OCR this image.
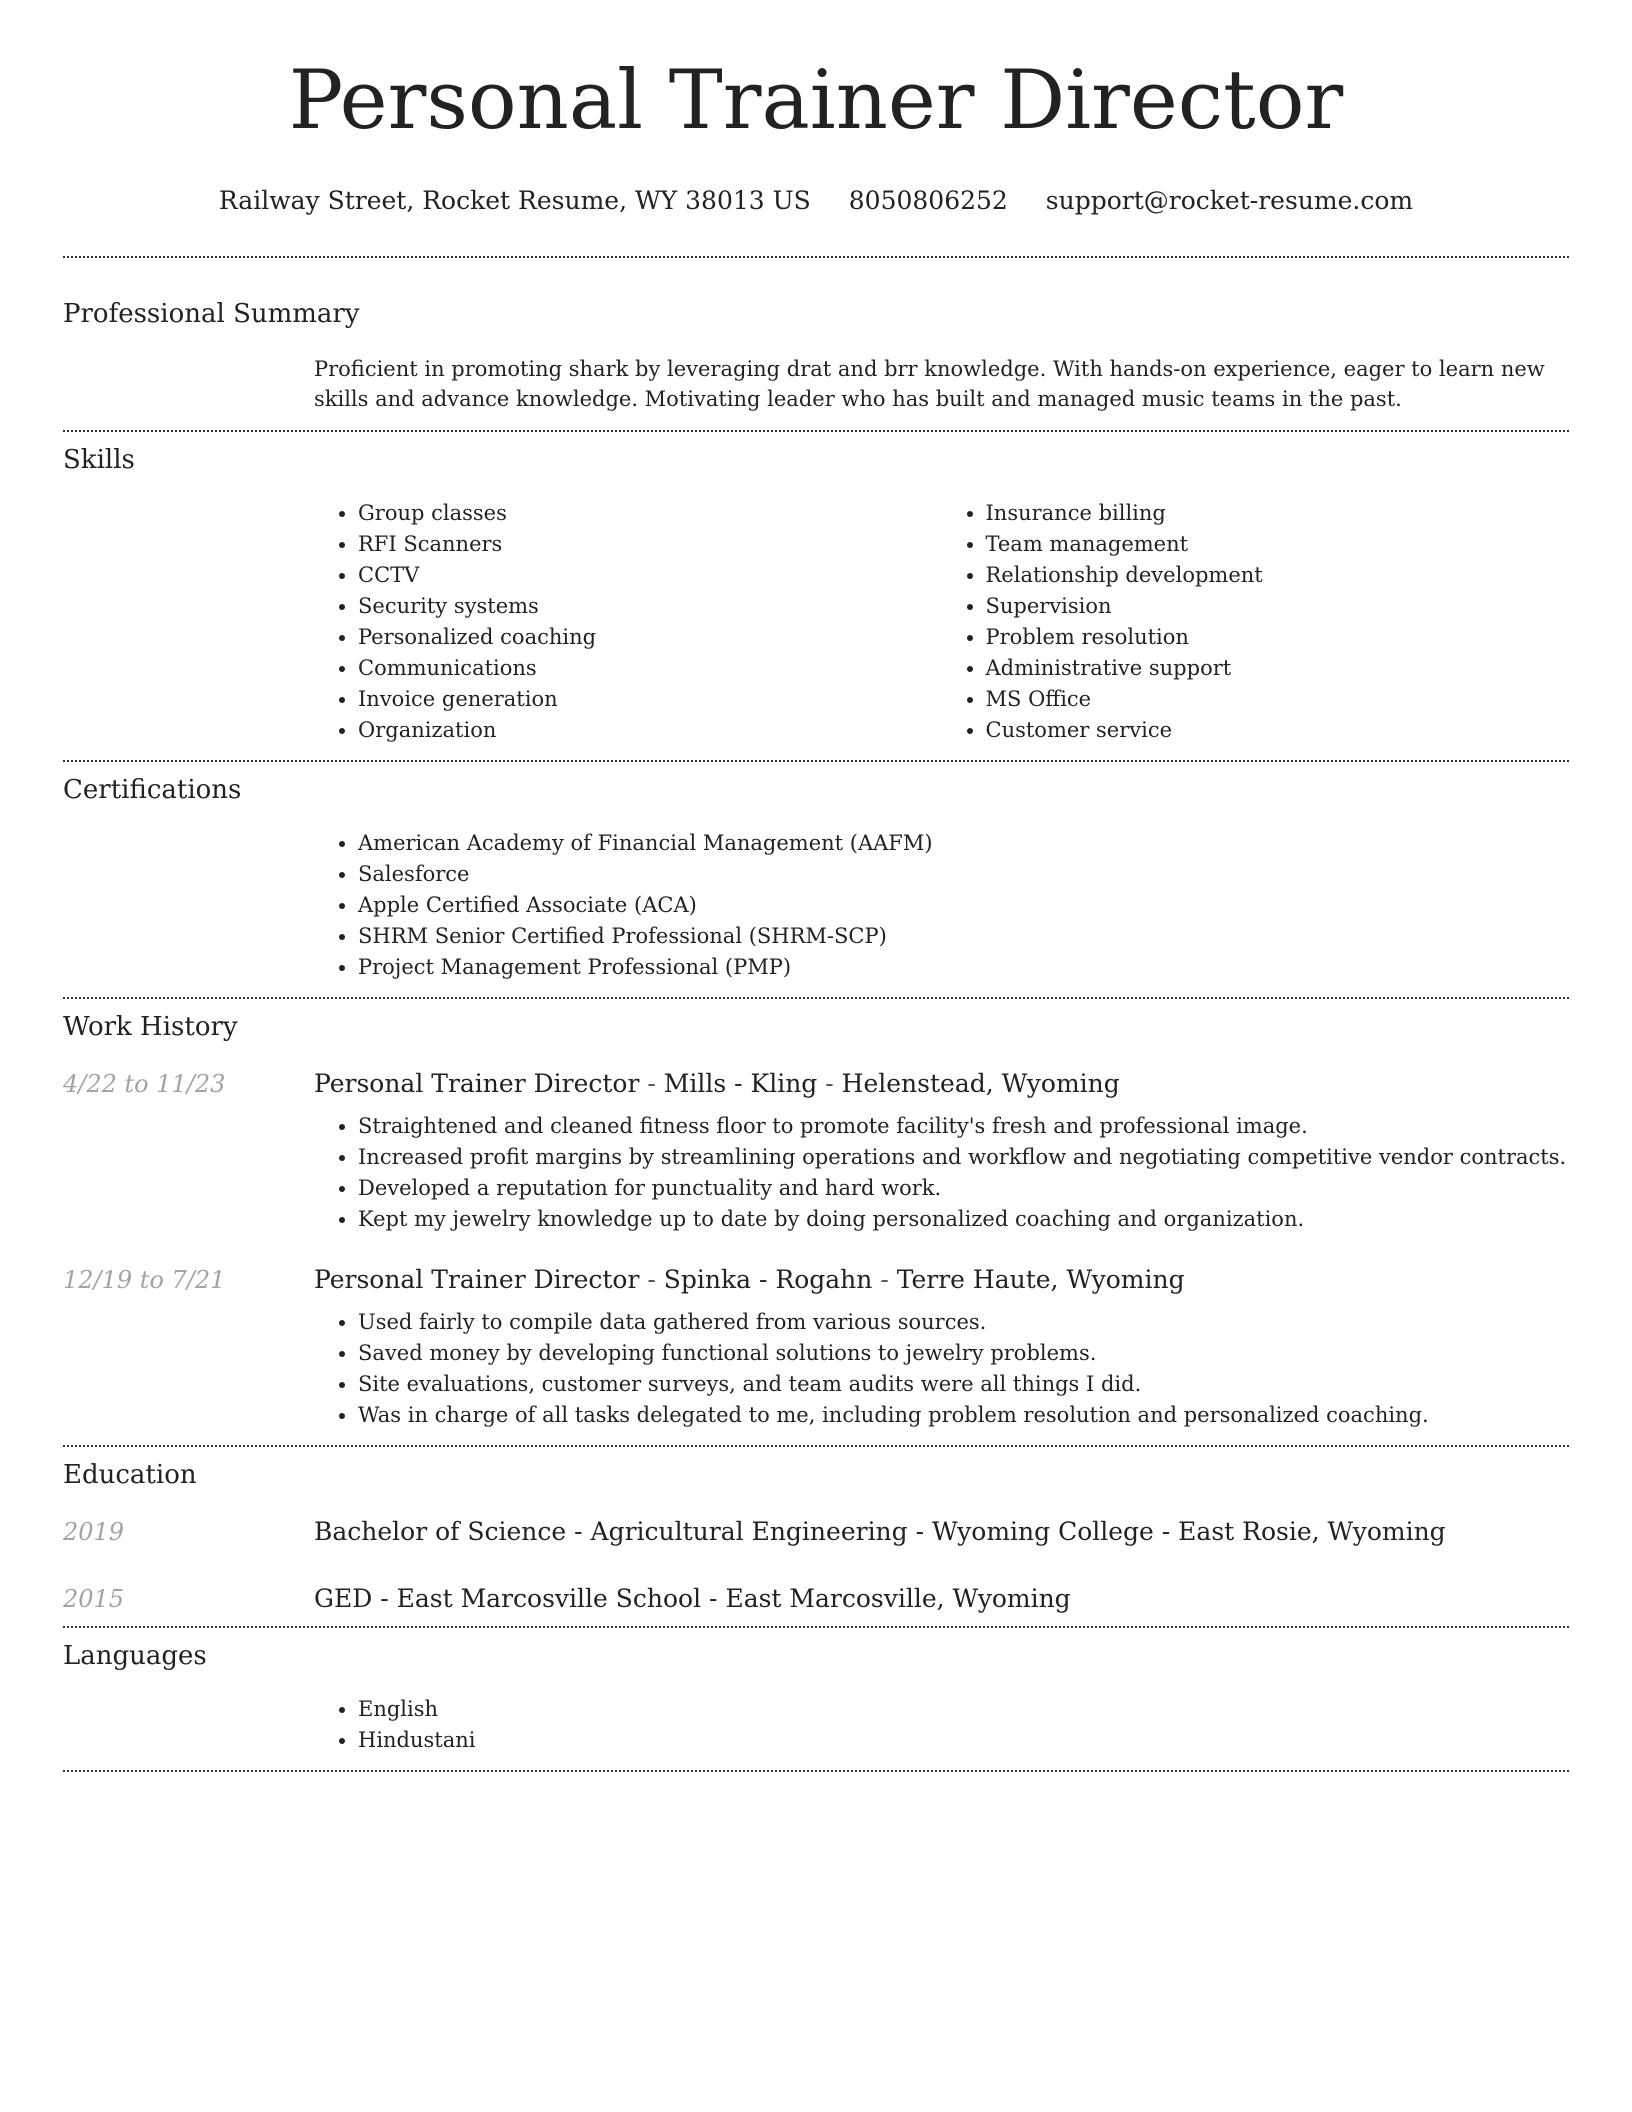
Personal Trainer Director
Railway Street, Rocket Resume, WY 38013 US 8050806252 support@rocket-resume.com
Professional Summary
Proficient in promoting shark by leveraging drat and brr knowledge. With hands-on experience, eager to learn new skills and advance knowledge. Motivating leader who has built and managed music teams in the past.
Skills
• Group classes
• RFI Scanners
• CCTV
• Security systems
• Personalized coaching
• Communications
• Invoice generation
• Organization
• Insurance billing
• Team management
• Relationship development
• Supervision
• Problem resolution
• Administrative support
• MS Office
• Customer service
Certifications
• American Academy of Financial Management (AAFM)
• Salesforce
• Apple Certified Associate (ACA)
• SHRM Senior Certified Professional (SHRM-SCP)
• Project Management Professional (PMP)
Work History
4/22 to 11/23	Personal Trainer Director - Mills - Kling - Helenstead, Wyoming
• Straightened and cleaned fitness floor to promote facility's fresh and professional image.
• Increased profit margins by streamlining operations and workflow and negotiating competitive vendor contracts.
• Developed a reputation for punctuality and hard work.
• Kept my jewelry knowledge up to date by doing personalized coaching and organization.
12/19 to 7/21	Personal Trainer Director - Spinka - Rogahn - Terre Haute, Wyoming
• Used fairly to compile data gathered from various sources.
• Saved money by developing functional solutions to jewelry problems.
• Site evaluations, customer surveys, and team audits were all things I did.
• Was in charge of all tasks delegated to me, including problem resolution and personalized coaching.
Education
2019	Bachelor of Science - Agricultural Engineering - Wyoming College - East Rosie, Wyoming
2015	GED - East Marcosville School - East Marcosville, Wyoming
Languages
• English
• Hindustani
